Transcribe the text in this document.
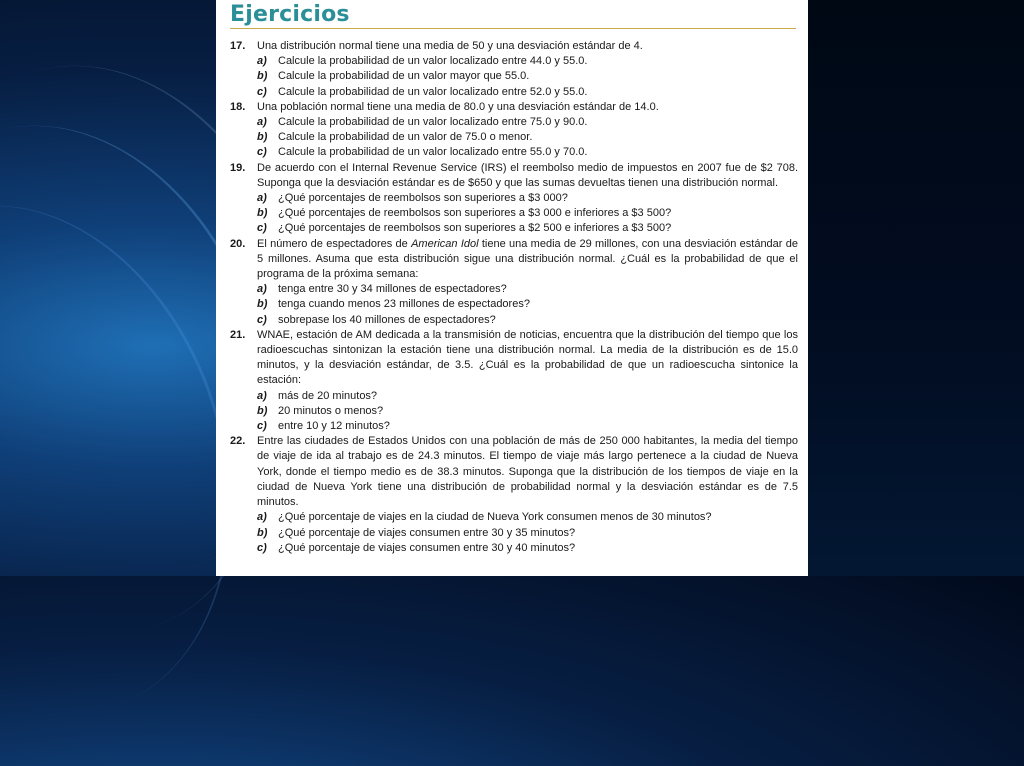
Ejercicios
17. Una distribución normal tiene una media de 50 y una desviación estándar de 4.
a) Calcule la probabilidad de un valor localizado entre 44.0 y 55.0.
b) Calcule la probabilidad de un valor mayor que 55.0.
c) Calcule la probabilidad de un valor localizado entre 52.0 y 55.0.
18. Una población normal tiene una media de 80.0 y una desviación estándar de 14.0.
a) Calcule la probabilidad de un valor localizado entre 75.0 y 90.0.
b) Calcule la probabilidad de un valor de 75.0 o menor.
c) Calcule la probabilidad de un valor localizado entre 55.0 y 70.0.
19. De acuerdo con el Internal Revenue Service (IRS) el reembolso medio de impuestos en 2007 fue de $2 708. Suponga que la desviación estándar es de $650 y que las sumas devueltas tienen una distribución normal.
a) ¿Qué porcentajes de reembolsos son superiores a $3 000?
b) ¿Qué porcentajes de reembolsos son superiores a $3 000 e inferiores a $3 500?
c) ¿Qué porcentajes de reembolsos son superiores a $2 500 e inferiores a $3 500?
20. El número de espectadores de American Idol tiene una media de 29 millones, con una desviación estándar de 5 millones. Asuma que esta distribución sigue una distribución normal. ¿Cuál es la probabilidad de que el programa de la próxima semana:
a) tenga entre 30 y 34 millones de espectadores?
b) tenga cuando menos 23 millones de espectadores?
c) sobrepase los 40 millones de espectadores?
21. WNAE, estación de AM dedicada a la transmisión de noticias, encuentra que la distribución del tiempo que los radioescuchas sintonizan la estación tiene una distribución normal. La media de la distribución es de 15.0 minutos, y la desviación estándar, de 3.5. ¿Cuál es la probabilidad de que un radioescucha sintonice la estación:
a) más de 20 minutos?
b) 20 minutos o menos?
c) entre 10 y 12 minutos?
22. Entre las ciudades de Estados Unidos con una población de más de 250 000 habitantes, la media del tiempo de viaje de ida al trabajo es de 24.3 minutos. El tiempo de viaje más largo pertenece a la ciudad de Nueva York, donde el tiempo medio es de 38.3 minutos. Suponga que la distribución de los tiempos de viaje en la ciudad de Nueva York tiene una distribución de probabilidad normal y la desviación estándar es de 7.5 minutos.
a) ¿Qué porcentaje de viajes en la ciudad de Nueva York consumen menos de 30 minutos?
b) ¿Qué porcentaje de viajes consumen entre 30 y 35 minutos?
c) ¿Qué porcentaje de viajes consumen entre 30 y 40 minutos?
